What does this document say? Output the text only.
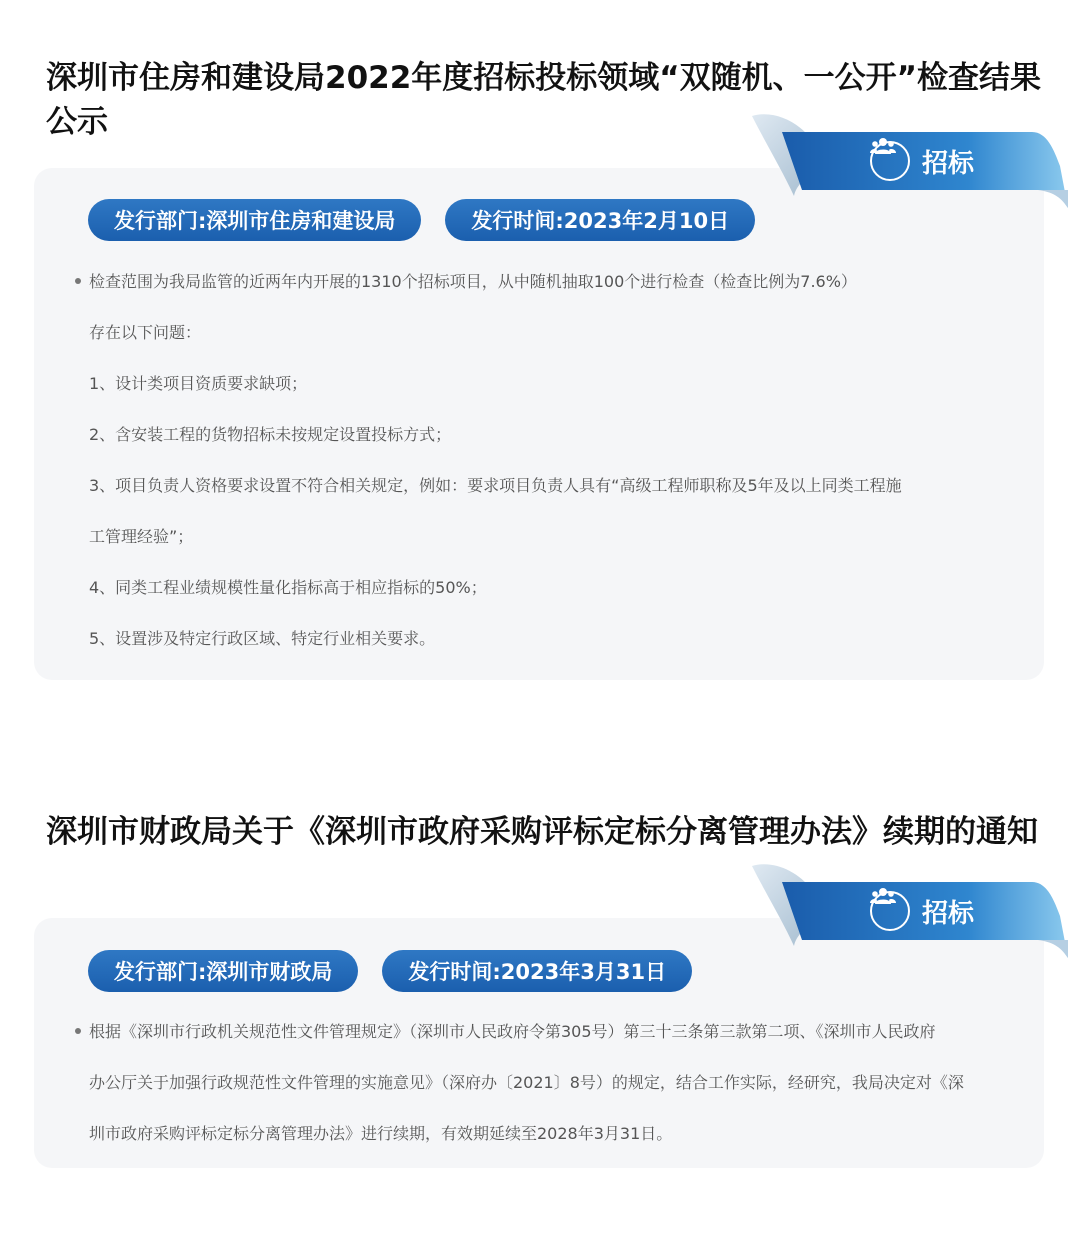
深圳市住房和建设局2022年度招标投标领域“双随机、一公开”检查结果
公示
招标
发行部门:深圳市住房和建设局	发行时间:2023年2月10日
检查范围为我局监管的近两年内开展的1310个招标项目，从中随机抽取100个进行检查（检查比例为7.6%）
存在以下问题：
1、设计类项目资质要求缺项；
2、含安装工程的货物招标未按规定设置投标方式；
3、项目负责人资格要求设置不符合相关规定，例如：要求项目负责人具有“高级工程师职称及5年及以上同类工程施
工管理经验”；
4、同类工程业绩规模性量化指标高于相应指标的50%；
5、设置涉及特定行政区域、特定行业相关要求。
深圳市财政局关于《深圳市政府采购评标定标分离管理办法》续期的通知
招标
发行部门:深圳市财政局	发行时间:2023年3月31日
根据《深圳市行政机关规范性文件管理规定》（深圳市人民政府令第305号）第三十三条第三款第二项、《深圳市人民政府
办公厅关于加强行政规范性文件管理的实施意见》（深府办〔2021〕8号）的规定，结合工作实际，经研究，我局决定对《深
圳市政府采购评标定标分离管理办法》进行续期，有效期延续至2028年3月31日。
